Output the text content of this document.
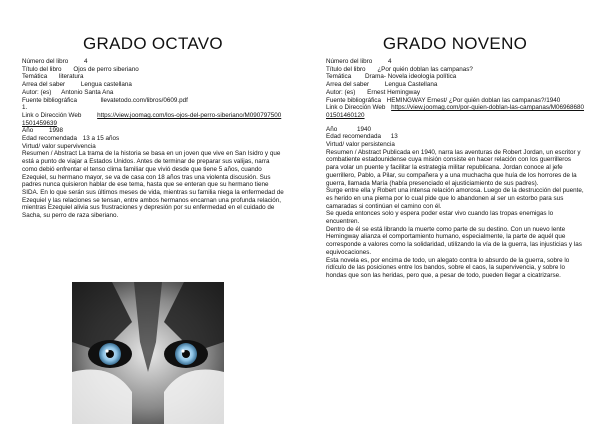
GRADO OCTAVO
Número del libro	4
Título del libro Ojos de perro siberiano
Temática literatura
Arrea del saber	Lengua castellana
Autor: (es) Antonio Santa Ana
Fuente bibliográfica	llevatetodo.com/libros/0609.pdf
1.
Link o Dirección Web	https://view.joomag.com/los-ojos-del-perro-siberiano/M0907975001501459639
Año	1998
Edad recomendada 13 a 15 años
Virtud/ valor supervivencia

Resumen / Abstract La trama de la historia se basa en un joven que vive en San Isidro y que está a punto de viajar a Estados Unidos. Antes de terminar de preparar sus valijas, narra como debió enfrentar el tenso clima familiar que vivió desde que tiene 5 años, cuando Ezequiel, su hermano mayor, se va de casa con 18 años tras una violenta discusión. Sus padres nunca quisieron hablar de ese tema, hasta que se enteran que su hermano tiene SIDA. En lo que serán sus últimos meses de vida, mientras su familia niega la enfermedad de Ezequiel y las relaciones se tensan, entre ambos hermanos encarnan una profunda relación, mientras Ezequiel alivia sus frustraciones y depresión por su enfermedad en el cuidado de Sacha, su perro de raza siberiano.

GRADO NOVENO
Número del libro	4
Título del libro ¿Por quién doblan las campanas?
Temática Drama- Novela ideología política
Arrea del saber	Lengua Castellana
Autor: (es) Ernest Hemingway
Fuente bibliográfica HEMINGWAY Ernest/ ¿Por quién doblan las campanas?/1940
Link o Dirección Web https://view.joomag.com/por-quien-doblan-las-campanas/M0696868001501460120
Año	1940
Edad recomendada 13
Virtud/ valor persistencia

Resumen / Abstract Publicada en 1940, narra las aventuras de Robert Jordan, un escritor y combatiente estadounidense cuya misión consiste en hacer relación con los guerrilleros para volar un puente y facilitar la estrategia militar republicana. Jordan conoce al jefe guerrillero, Pablo, a Pilar, su compañera y a una muchacha que huía de los horrores de la guerra, llamada María (había presenciado el ajusticiamiento de sus padres).

Surge entre ella y Robert una intensa relación amorosa. Luego de la destrucción del puente, es herido en una pierna por lo cual pide que lo abandonen al ser un estorbo para sus camaradas si continúan el camino con él.

Se queda entonces solo y espera poder estar vivo cuando las tropas enemigas lo encuentren.

Dentro de él se está librando la muerte como parte de su destino. Con un nuevo lente Hemingway alianza el comportamiento humano, especialmente, la parte de aquél que corresponde a valores como la solidaridad, utilizando la vía de la guerra, las injusticias y las equivocaciones.

Esta novela es, por encima de todo, un alegato contra lo absurdo de la guerra, sobre lo ridículo de las posiciones entre los bandos, sobre el caos, la supervivencia, y sobre lo hondas que son las heridas, pero que, a pesar de todo, pueden llegar a cicatrizarse.
